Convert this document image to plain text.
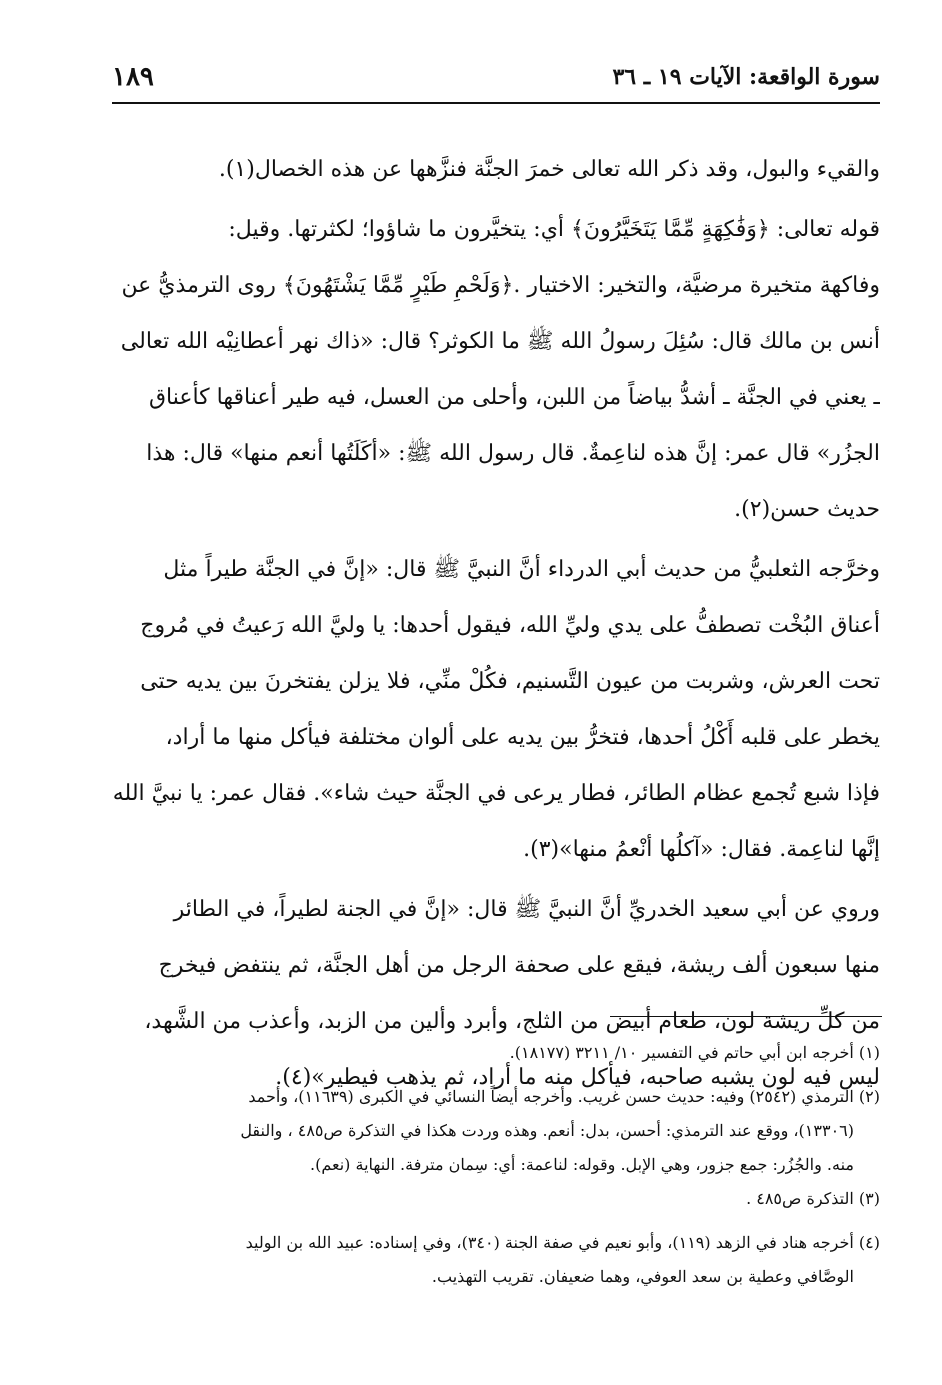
سورة الواقعة: الآيات ١٩ ـ ٣٦
١٨٩
والقيء والبول، وقد ذكر الله تعالى خمرَ الجنَّة فنزَّهها عن هذه الخصال(١).
قوله تعالى: ﴿وَفَٰكِهَةٍ مِّمَّا يَتَخَيَّرُونَ﴾ أي: يتخيَّرون ما شاؤوا؛ لكثرتها. وقيل:
وفاكهة متخيرة مرضيَّة، والتخير: الاختيار .﴿وَلَحْمِ طَيْرٍ مِّمَّا يَشْتَهُونَ﴾ روى الترمذيُّ عن
أنس بن مالك قال: سُئِلَ رسولُ الله ﷺ ما الكوثر؟ قال: «ذاك نهر أعطانِيْه الله تعالى
ـ يعني في الجنَّة ـ أشدُّ بياضاً من اللبن، وأحلى من العسل، فيه طير أعناقها كأعناق
الجزُر» قال عمر: إنَّ هذه لناعِمةٌ. قال رسول الله ﷺ: «أكَلَتُها أنعم منها» قال: هذا
حديث حسن(٢).
وخرَّجه الثعلبيُّ من حديث أبي الدرداء أنَّ النبيَّ ﷺ قال: «إنَّ في الجنَّة طيراً مثل
أعناق البُخْت تصطفُّ على يدي وليِّ الله، فيقول أحدها: يا وليَّ الله رَعيتُ في مُروج
تحت العرش، وشربت من عيون التَّسنيم، فكُلْ منِّي، فلا يزلن يفتخرنَ بين يديه حتى
يخطر على قلبه أَكْلُ أحدها، فتخرُّ بين يديه على ألوان مختلفة فيأكل منها ما أراد،
فإذا شبع تُجمع عظام الطائر، فطار يرعى في الجنَّة حيث شاء». فقال عمر: يا نبيَّ الله
إنَّها لناعِمة. فقال: «آكلُها أنْعمُ منها»(٣).
وروي عن أبي سعيد الخدريِّ أنَّ النبيَّ ﷺ قال: «إنَّ في الجنة لطيراً، في الطائر
منها سبعون ألف ريشة، فيقع على صحفة الرجل من أهل الجنَّة، ثم ينتفض فيخرج
من كلِّ ريشة لون، طعام أبيض من الثلج، وأبرد وألين من الزبد، وأعذب من الشَّهد،
ليس فيه لون يشبه صاحبه، فيأكل منه ما أراد، ثم يذهب فيطير»(٤).
(١) أخرجه ابن أبي حاتم في التفسير ١٠/ ٣٢١١ (١٨١٧٧).
(٢) الترمذي (٢٥٤٢) وفيه: حديث حسن غريب. وأخرجه أيضاً النسائي في الكبرى (١١٦٣٩)، وأحمد
(١٣٣٠٦)، ووقع عند الترمذي: أحسن، بدل: أنعم. وهذه وردت هكذا في التذكرة ص٤٨٥ ، والنقل
منه. والجُزُر: جمع جزور، وهي الإبل. وقوله: لناعمة: أي: سِمان مترفة. النهاية (نعم).
(٣) التذكرة ص٤٨٥ .
(٤) أخرجه هناد في الزهد (١١٩)، وأبو نعيم في صفة الجنة (٣٤٠)، وفي إسناده: عبيد الله بن الوليد
الوصَّافي وعطية بن سعد العوفي، وهما ضعيفان. تقريب التهذيب.
